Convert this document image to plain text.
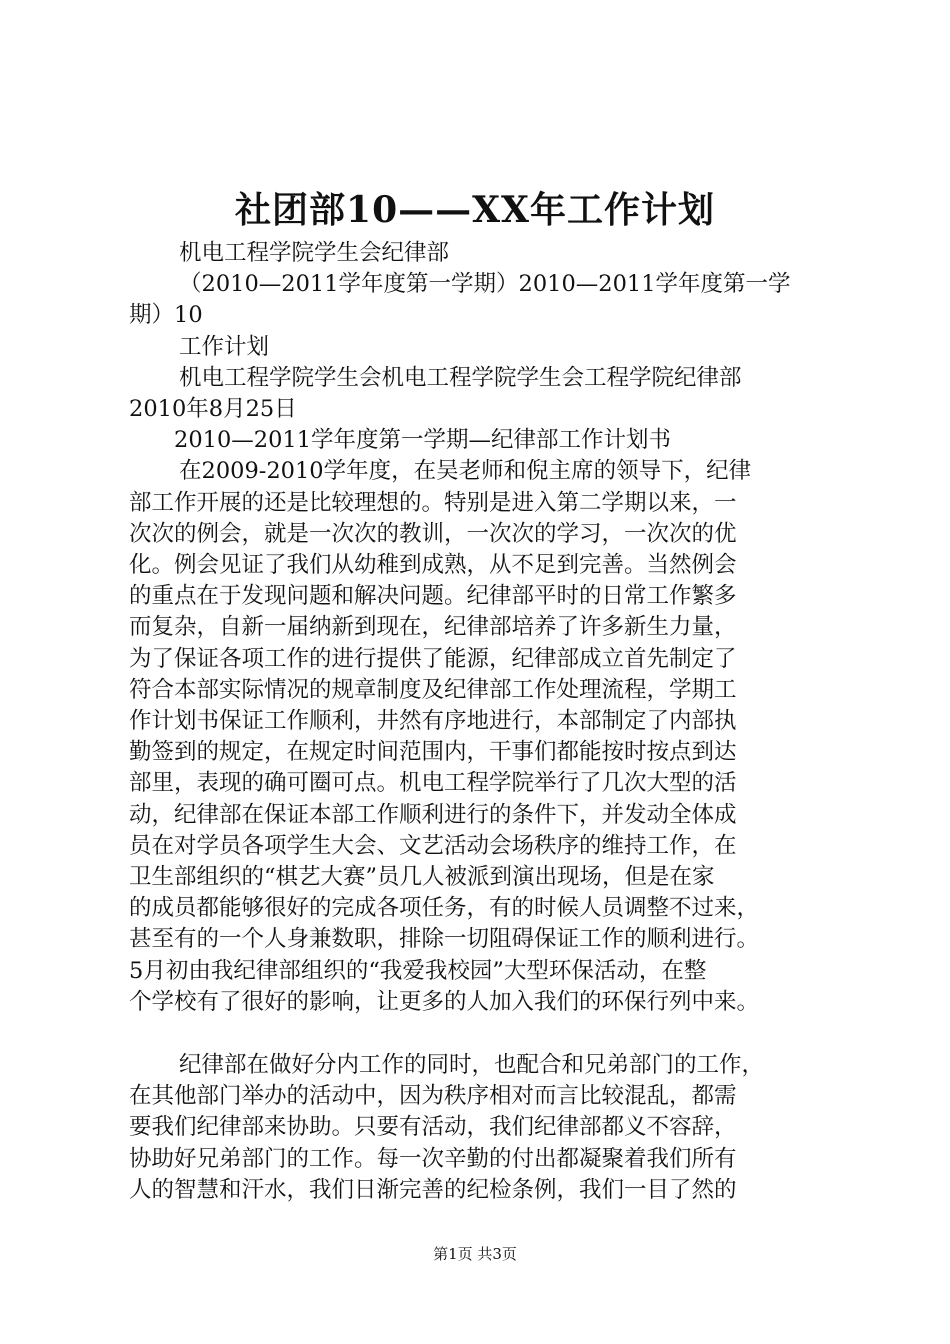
社团部10——XX年工作计划
机电工程学院学生会纪律部
（2010—2011学年度第一学期）2010—2011学年度第一学
期）10
工作计划
机电工程学院学生会机电工程学院学生会工程学院纪律部
2010年8月25日
2010—2011学年度第一学期—纪律部工作计划书
在2009-2010学年度，在吴老师和倪主席的领导下，纪律
部工作开展的还是比较理想的。特别是进入第二学期以来，一
次次的例会，就是一次次的教训，一次次的学习，一次次的优
化。例会见证了我们从幼稚到成熟，从不足到完善。当然例会
的重点在于发现问题和解决问题。纪律部平时的日常工作繁多
而复杂，自新一届纳新到现在，纪律部培养了许多新生力量，
为了保证各项工作的进行提供了能源，纪律部成立首先制定了
符合本部实际情况的规章制度及纪律部工作处理流程，学期工
作计划书保证工作顺利，井然有序地进行，本部制定了内部执
勤签到的规定，在规定时间范围内，干事们都能按时按点到达
部里，表现的确可圈可点。机电工程学院举行了几次大型的活
动，纪律部在保证本部工作顺利进行的条件下，并发动全体成
员在对学员各项学生大会、文艺活动会场秩序的维持工作，在
卫生部组织的“棋艺大赛”员几人被派到演出现场，但是在家
的成员都能够很好的完成各项任务，有的时候人员调整不过来，
甚至有的一个人身兼数职，排除一切阻碍保证工作的顺利进行。
5月初由我纪律部组织的“我爱我校园”大型环保活动，在整
个学校有了很好的影响，让更多的人加入我们的环保行列中来。
纪律部在做好分内工作的同时，也配合和兄弟部门的工作，
在其他部门举办的活动中，因为秩序相对而言比较混乱，都需
要我们纪律部来协助。只要有活动，我们纪律部都义不容辞，
协助好兄弟部门的工作。每一次辛勤的付出都凝聚着我们所有
人的智慧和汗水，我们日渐完善的纪检条例，我们一目了然的
第1页 共3页
